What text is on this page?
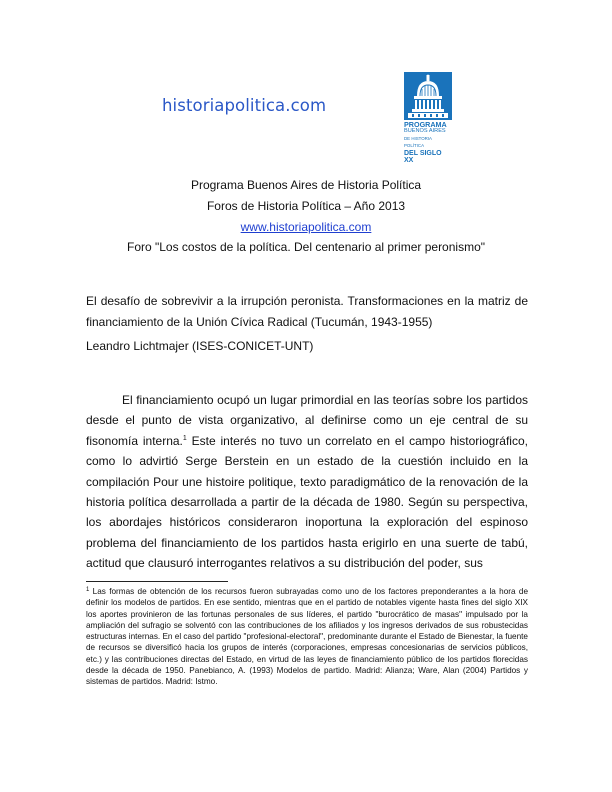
historiapolitica.com
PROGRAMA
BUENOS AIRES
DE HISTORIA POLÍTICA
DEL SIGLO XX
Programa Buenos Aires de Historia Política
Foros de Historia Política – Año 2013
www.historiapolitica.com
Foro "Los costos de la política. Del centenario al primer peronismo"
El desafío de sobrevivir a la irrupción peronista. Transformaciones en la matriz de financiamiento de la Unión Cívica Radical (Tucumán, 1943-1955)
Leandro Lichtmajer (ISES-CONICET-UNT)
El financiamiento ocupó un lugar primordial en las teorías sobre los partidos desde el punto de vista organizativo, al definirse como un eje central de su fisonomía interna.$^1$ Este interés no tuvo un correlato en el campo historiográfico, como lo advirtió Serge Berstein en un estado de la cuestión incluido en la compilación Pour une histoire politique, texto paradigmático de la renovación de la historia política desarrollada a partir de la década de 1980. Según su perspectiva, los abordajes históricos consideraron inoportuna la exploración del espinoso problema del financiamiento de los partidos hasta erigirlo en una suerte de tabú, actitud que clausuró interrogantes relativos a su distribución del poder, sus
$^1$ Las formas de obtención de los recursos fueron subrayadas como uno de los factores preponderantes a la hora de definir los modelos de partidos. En ese sentido, mientras que en el partido de notables vigente hasta fines del siglo XIX los aportes provinieron de las fortunas personales de sus líderes, el partido "burocrático de masas" impulsado por la ampliación del sufragio se solventó con las contribuciones de los afiliados y los ingresos derivados de sus robustecidas estructuras internas. En el caso del partido "profesional-electoral", predominante durante el Estado de Bienestar, la fuente de recursos se diversificó hacia los grupos de interés (corporaciones, empresas concesionarias de servicios públicos, etc.) y las contribuciones directas del Estado, en virtud de las leyes de financiamiento público de los partidos florecidas desde la década de 1950. Panebianco, A. (1993) Modelos de partido. Madrid: Alianza; Ware, Alan (2004) Partidos y sistemas de partidos. Madrid: Istmo.
